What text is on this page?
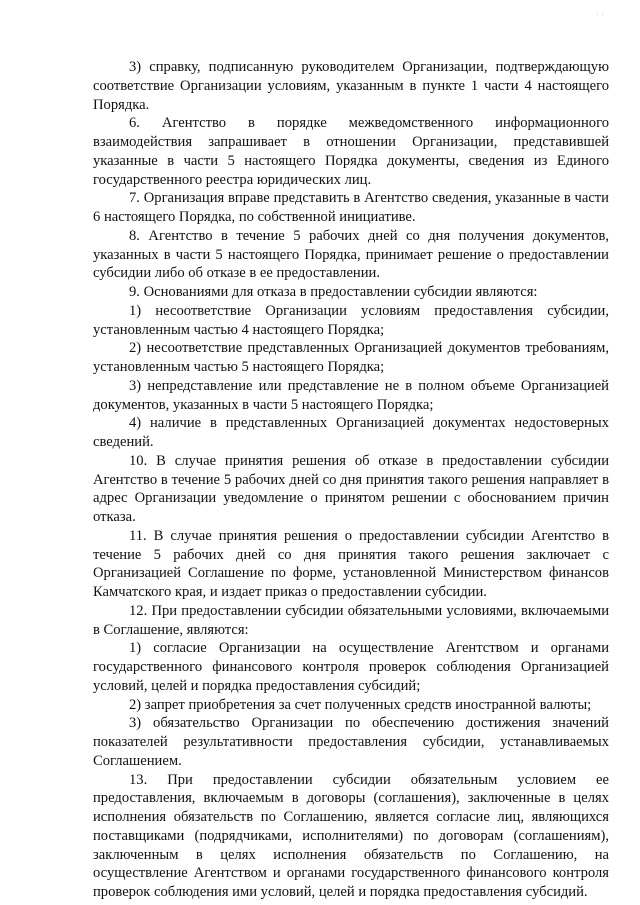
· ·

3) справку, подписанную руководителем Организации, подтверждающую соответствие Организации условиям, указанным в пункте 1 части 4 настоящего Порядка.

6. Агентство в порядке межведомственного информационного взаимодействия запрашивает в отношении Организации, представившей указанные в части 5 настоящего Порядка документы, сведения из Единого государственного реестра юридических лиц.

7. Организация вправе представить в Агентство сведения, указанные в части 6 настоящего Порядка, по собственной инициативе.

8. Агентство в течение 5 рабочих дней со дня получения документов, указанных в части 5 настоящего Порядка, принимает решение о предоставлении субсидии либо об отказе в ее предоставлении.

9. Основаниями для отказа в предоставлении субсидии являются:

1) несоответствие Организации условиям предоставления субсидии, установленным частью 4 настоящего Порядка;

2) несоответствие представленных Организацией документов требованиям, установленным частью 5 настоящего Порядка;

3) непредставление или представление не в полном объеме Организацией документов, указанных в части 5 настоящего Порядка;

4) наличие в представленных Организацией документах недостоверных сведений.

10. В случае принятия решения об отказе в предоставлении субсидии Агентство в течение 5 рабочих дней со дня принятия такого решения направляет в адрес Организации уведомление о принятом решении с обоснованием причин отказа.

11. В случае принятия решения о предоставлении субсидии Агентство в течение 5 рабочих дней со дня принятия такого решения заключает с Организацией Соглашение по форме, установленной Министерством финансов Камчатского края, и издает приказ о предоставлении субсидии.

12. При предоставлении субсидии обязательными условиями, включаемыми в Соглашение, являются:

1) согласие Организации на осуществление Агентством и органами государственного финансового контроля проверок соблюдения Организацией условий, целей и порядка предоставления субсидий;

2) запрет приобретения за счет полученных средств иностранной валюты;

3) обязательство Организации по обеспечению достижения значений показателей результативности предоставления субсидии, устанавливаемых Соглашением.

13. При предоставлении субсидии обязательным условием ее предоставления, включаемым в договоры (соглашения), заключенные в целях исполнения обязательств по Соглашению, является согласие лиц, являющихся поставщиками (подрядчиками, исполнителями) по договорам (соглашениям), заключенным в целях исполнения обязательств по Соглашению, на осуществление Агентством и органами государственного финансового контроля проверок соблюдения ими условий, целей и порядка предоставления субсидий.
